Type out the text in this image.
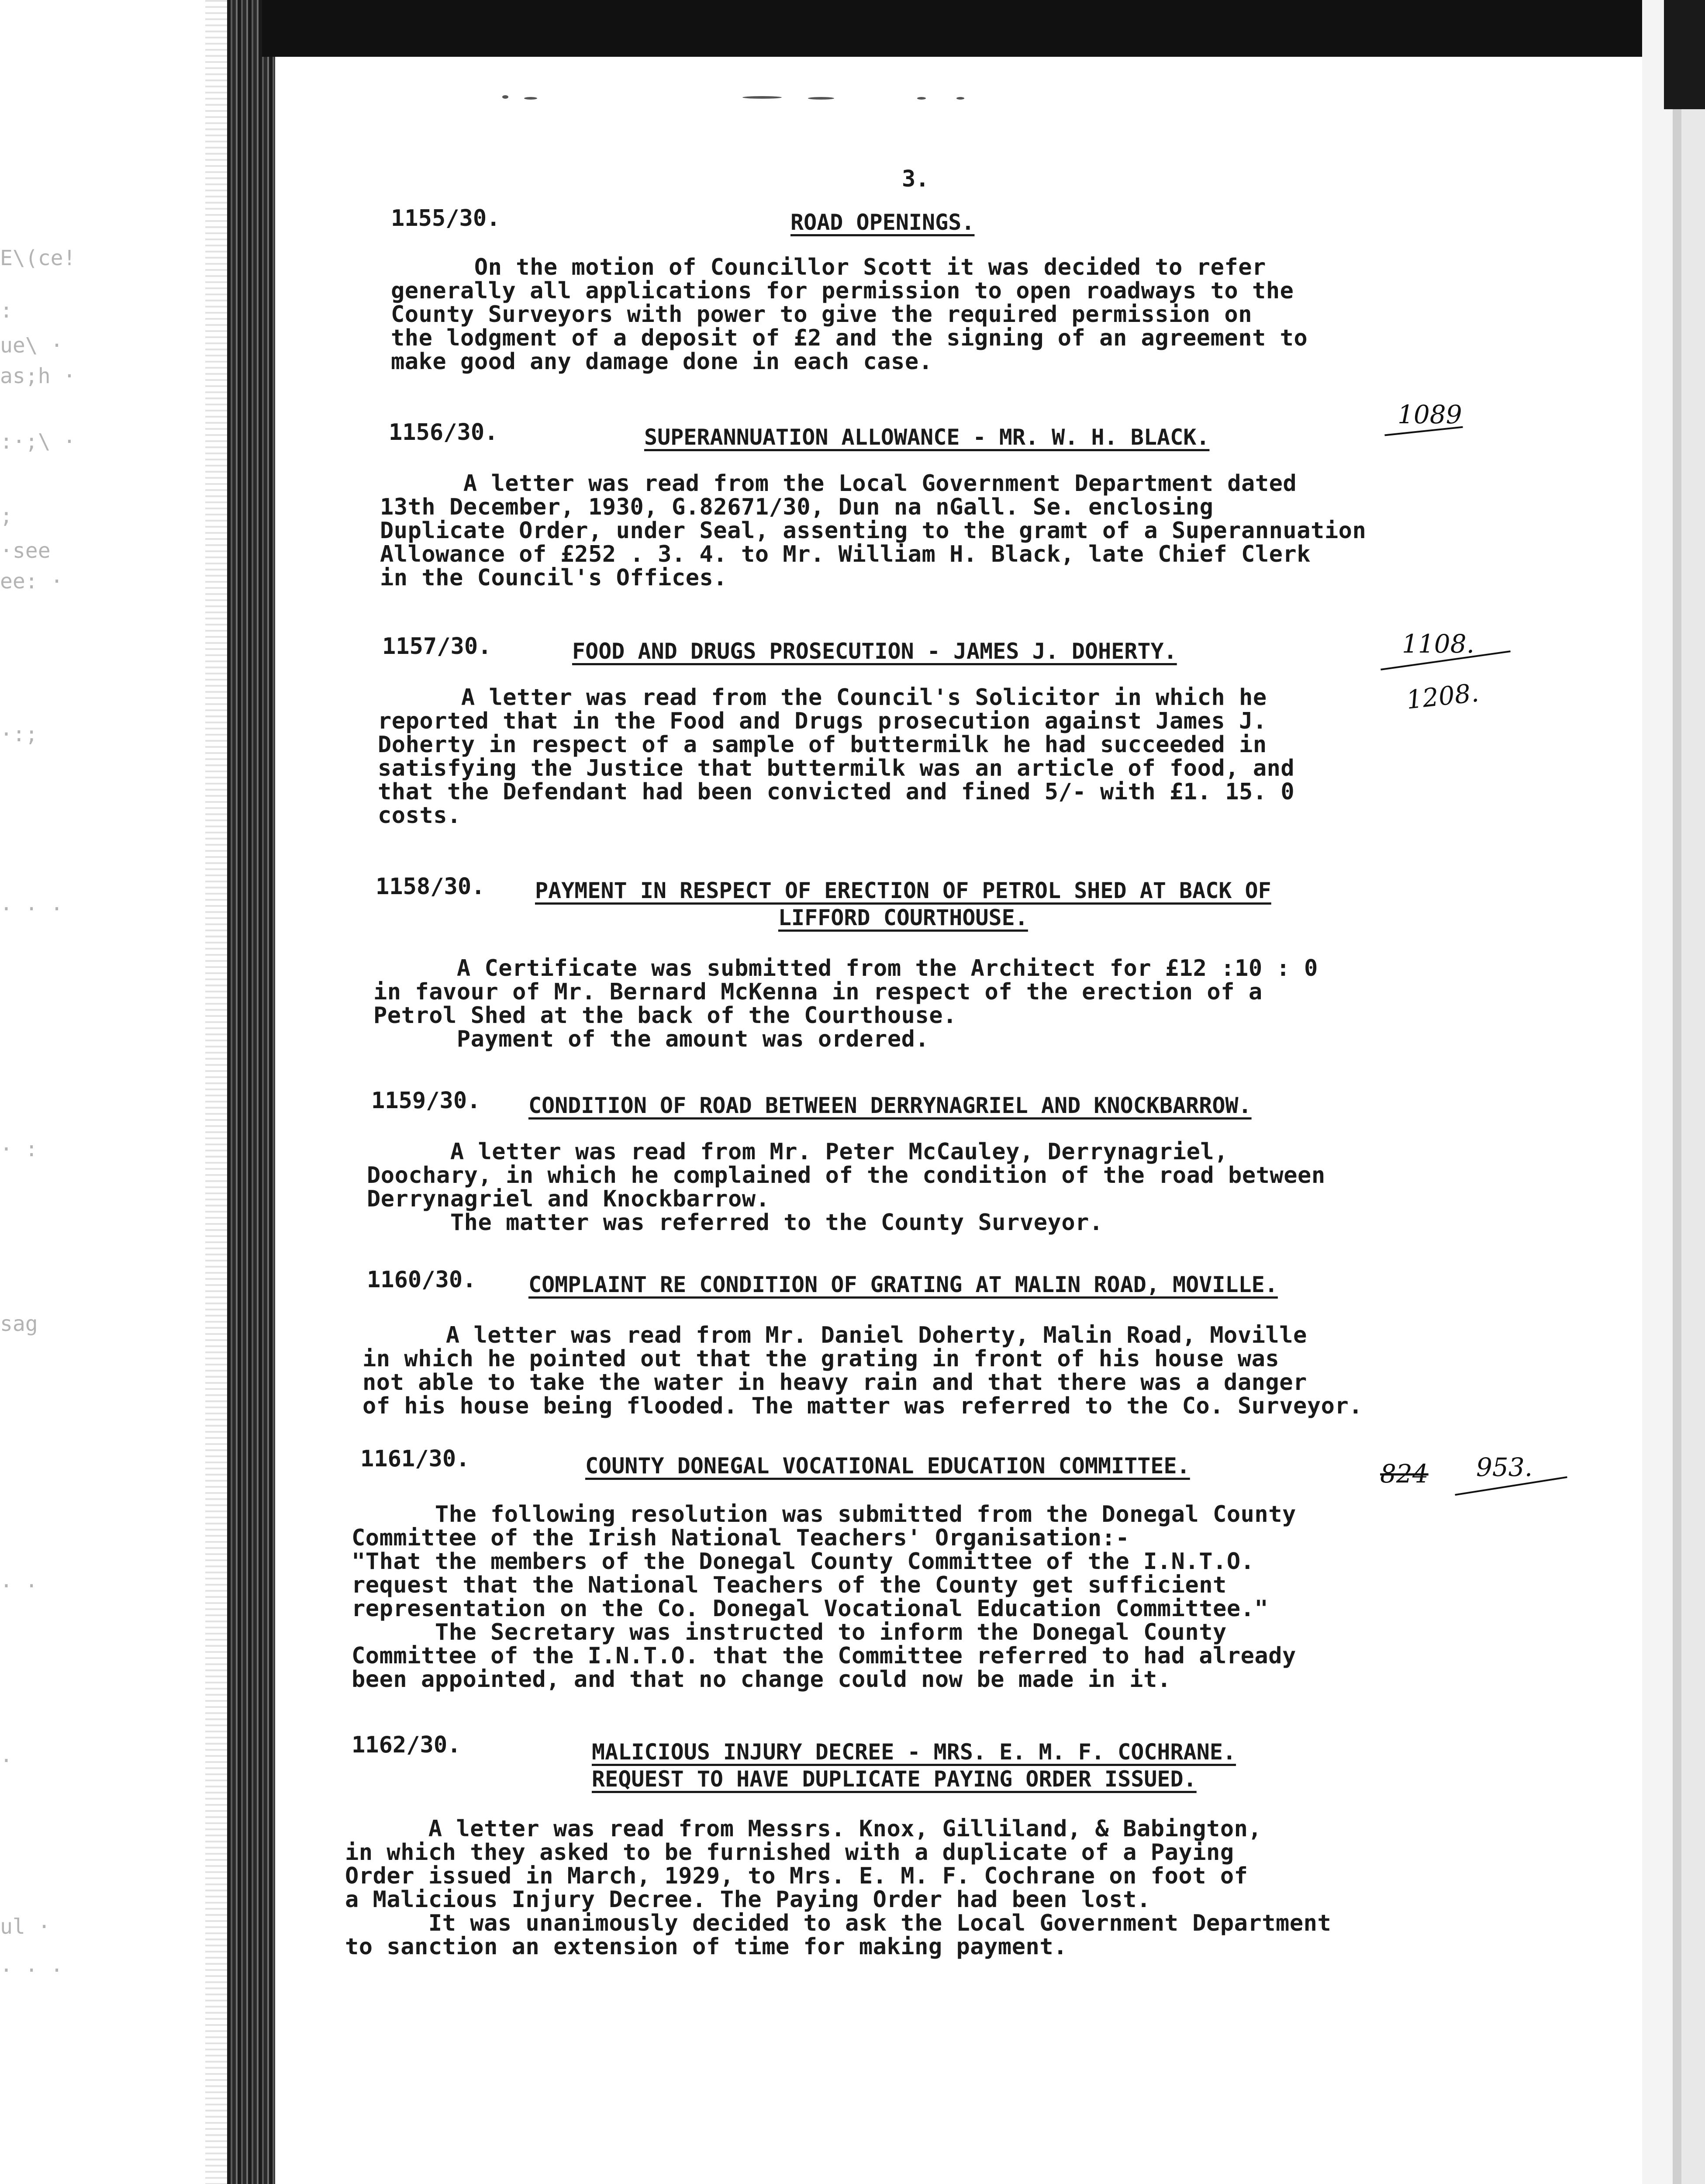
E\(ce!
:
ue\ ·
as;h ·
:·;\ ·
;
·see
ee: ·
·:;
· · ·
· :
sag
· ·
·
ul ·
· · ·
3.
1155/30.	ROAD OPENINGS.
On the motion of Councillor Scott it was decided to refer
generally all applications for permission to open roadways to the
County Surveyors with power to give the required permission on
the lodgment of a deposit of £2 and the signing of an agreement to
make good any damage done in each case.
1156/30.	SUPERANNUATION ALLOWANCE - MR. W. H. BLACK.
1089
A letter was read from the Local Government Department dated
13th December, 1930, G.82671/30, Dun na nGall. Se. enclosing
Duplicate Order, under Seal, assenting to the gramt of a Superannuation
Allowance of £252 . 3. 4. to Mr. William H. Black, late Chief Clerk
in the Council's Offices.
1157/30.	FOOD AND DRUGS PROSECUTION - JAMES J. DOHERTY.	1108.
1208.
A letter was read from the Council's Solicitor in which he
reported that in the Food and Drugs prosecution against James J.
Doherty in respect of a sample of buttermilk he had succeeded in
satisfying the Justice that buttermilk was an article of food, and
that the Defendant had been convicted and fined 5/- with £1. 15. 0
costs.
1158/30. PAYMENT IN RESPECT OF ERECTION OF PETROL SHED AT BACK OF
LIFFORD COURTHOUSE.
A Certificate was submitted from the Architect for £12 :10 : 0
in favour of Mr. Bernard McKenna in respect of the erection of a
Petrol Shed at the back of the Courthouse.
Payment of the amount was ordered.
1159/30. CONDITION OF ROAD BETWEEN DERRYNAGRIEL AND KNOCKBARROW.
A letter was read from Mr. Peter McCauley, Derrynagriel,
Doochary, in which he complained of the condition of the road between
Derrynagriel and Knockbarrow.
The matter was referred to the County Surveyor.
1160/30. COMPLAINT RE CONDITION OF GRATING AT MALIN ROAD, MOVILLE.
A letter was read from Mr. Daniel Doherty, Malin Road, Moville
in which he pointed out that the grating in front of his house was
not able to take the water in heavy rain and that there was a danger
of his house being flooded. The matter was referred to the Co. Surveyor.
1161/30.	COUNTY DONEGAL VOCATIONAL EDUCATION COMMITTEE.	824 953.
The following resolution was submitted from the Donegal County
Committee of the Irish National Teachers' Organisation:-
"That the members of the Donegal County Committee of the I.N.T.O.
request that the National Teachers of the County get sufficient
representation on the Co. Donegal Vocational Education Committee."
The Secretary was instructed to inform the Donegal County
Committee of the I.N.T.O. that the Committee referred to had already
been appointed, and that no change could now be made in it.
1162/30.	MALICIOUS INJURY DECREE - MRS. E. M. F. COCHRANE.
REQUEST TO HAVE DUPLICATE PAYING ORDER ISSUED.
A letter was read from Messrs. Knox, Gilliland, & Babington,
in which they asked to be furnished with a duplicate of a Paying
Order issued in March, 1929, to Mrs. E. M. F. Cochrane on foot of
a Malicious Injury Decree. The Paying Order had been lost.
It was unanimously decided to ask the Local Government Department
to sanction an extension of time for making payment.
